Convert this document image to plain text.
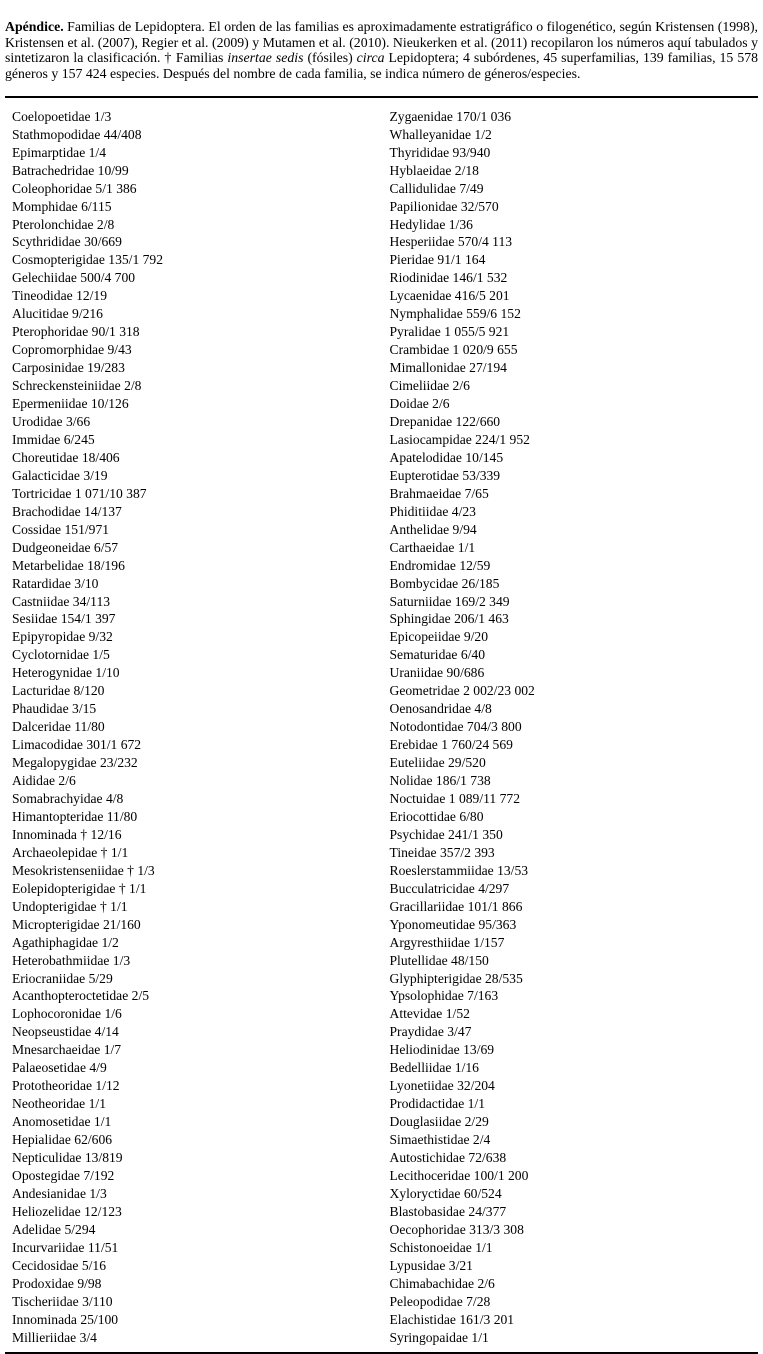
Apéndice. Familias de Lepidoptera. El orden de las familias es aproximadamente estratigráfico o filogenético, según Kristensen (1998), Kristensen et al. (2007), Regier et al. (2009) y Mutamen et al. (2010). Nieukerken et al. (2011) recopilaron los números aquí tabulados y sintetizaron la clasificación. † Familias insertae sedis (fósiles) circa Lepidoptera; 4 subórdenes, 45 superfamilias, 139 familias, 15 578 géneros y 157 424 especies. Después del nombre de cada familia, se indica número de géneros/especies.

Coelopoetidae 1/3
Stathmopodidae 44/408
Epimarptidae 1/4
Batrachedridae 10/99
Coleophoridae 5/1 386
Momphidae 6/115
Pterolonchidae 2/8
Scythrididae 30/669
Cosmopterigidae 135/1 792
Gelechiidae 500/4 700
Tineodidae 12/19
Alucitidae 9/216
Pterophoridae 90/1 318
Copromorphidae 9/43
Carposinidae 19/283
Schreckensteiniidae 2/8
Epermeniidae 10/126
Urodidae 3/66
Immidae 6/245
Choreutidae 18/406
Galacticidae 3/19
Tortricidae 1 071/10 387
Brachodidae 14/137
Cossidae 151/971
Dudgeoneidae 6/57
Metarbelidae 18/196
Ratardidae 3/10
Castniidae 34/113
Sesiidae 154/1 397
Epipyropidae 9/32
Cyclotornidae 1/5
Heterogynidae 1/10
Lacturidae 8/120
Phaudidae 3/15
Dalceridae 11/80
Limacodidae 301/1 672
Megalopygidae 23/232
Aididae 2/6
Somabrachyidae 4/8
Himantopteridae 11/80
Innominada † 12/16
Archaeolepidae † 1/1
Mesokristenseniidae † 1/3
Eolepidopterigidae † 1/1
Undopterigidae † 1/1
Micropterigidae 21/160
Agathiphagidae 1/2
Heterobathmiidae 1/3
Eriocraniidae 5/29
Acanthopteroctetidae 2/5
Lophocoronidae 1/6
Neopseustidae 4/14
Mnesarchaeidae 1/7
Palaeosetidae 4/9
Prototheoridae 1/12
Neotheoridae 1/1
Anomosetidae 1/1
Hepialidae 62/606
Nepticulidae 13/819
Opostegidae 7/192
Andesianidae 1/3
Heliozelidae 12/123
Adelidae 5/294
Incurvariidae 11/51
Cecidosidae 5/16
Prodoxidae 9/98
Tischeriidae 3/110
Innominada 25/100
Millieriidae 3/4
Zygaenidae 170/1 036
Whalleyanidae 1/2
Thyrididae 93/940
Hyblaeidae 2/18
Callidulidae 7/49
Papilionidae 32/570
Hedylidae 1/36
Hesperiidae 570/4 113
Pieridae 91/1 164
Riodinidae 146/1 532
Lycaenidae 416/5 201
Nymphalidae 559/6 152
Pyralidae 1 055/5 921
Crambidae 1 020/9 655
Mimallonidae 27/194
Cimeliidae 2/6
Doidae 2/6
Drepanidae 122/660
Lasiocampidae 224/1 952
Apatelodidae 10/145
Eupterotidae 53/339
Brahmaeidae 7/65
Phiditiidae 4/23
Anthelidae 9/94
Carthaeidae 1/1
Endromidae 12/59
Bombycidae 26/185
Saturniidae 169/2 349
Sphingidae 206/1 463
Epicopeiidae 9/20
Sematuridae 6/40
Uraniidae 90/686
Geometridae 2 002/23 002
Oenosandridae 4/8
Notodontidae 704/3 800
Erebidae 1 760/24 569
Euteliidae 29/520
Nolidae 186/1 738
Noctuidae 1 089/11 772
Eriocottidae 6/80
Psychidae 241/1 350
Tineidae 357/2 393
Roeslerstammiidae 13/53
Bucculatricidae 4/297
Gracillariidae 101/1 866
Yponomeutidae 95/363
Argyresthiidae 1/157
Plutellidae 48/150
Glyphipterigidae 28/535
Ypsolophidae 7/163
Attevidae 1/52
Praydidae 3/47
Heliodinidae 13/69
Bedelliidae 1/16
Lyonetiidae 32/204
Prodidactidae 1/1
Douglasiidae 2/29
Simaethistidae 2/4
Autostichidae 72/638
Lecithoceridae 100/1 200
Xyloryctidae 60/524
Blastobasidae 24/377
Oecophoridae 313/3 308
Schistonoeidae 1/1
Lypusidae 3/21
Chimabachidae 2/6
Peleopodidae 7/28
Elachistidae 161/3 201
Syringopaidae 1/1
